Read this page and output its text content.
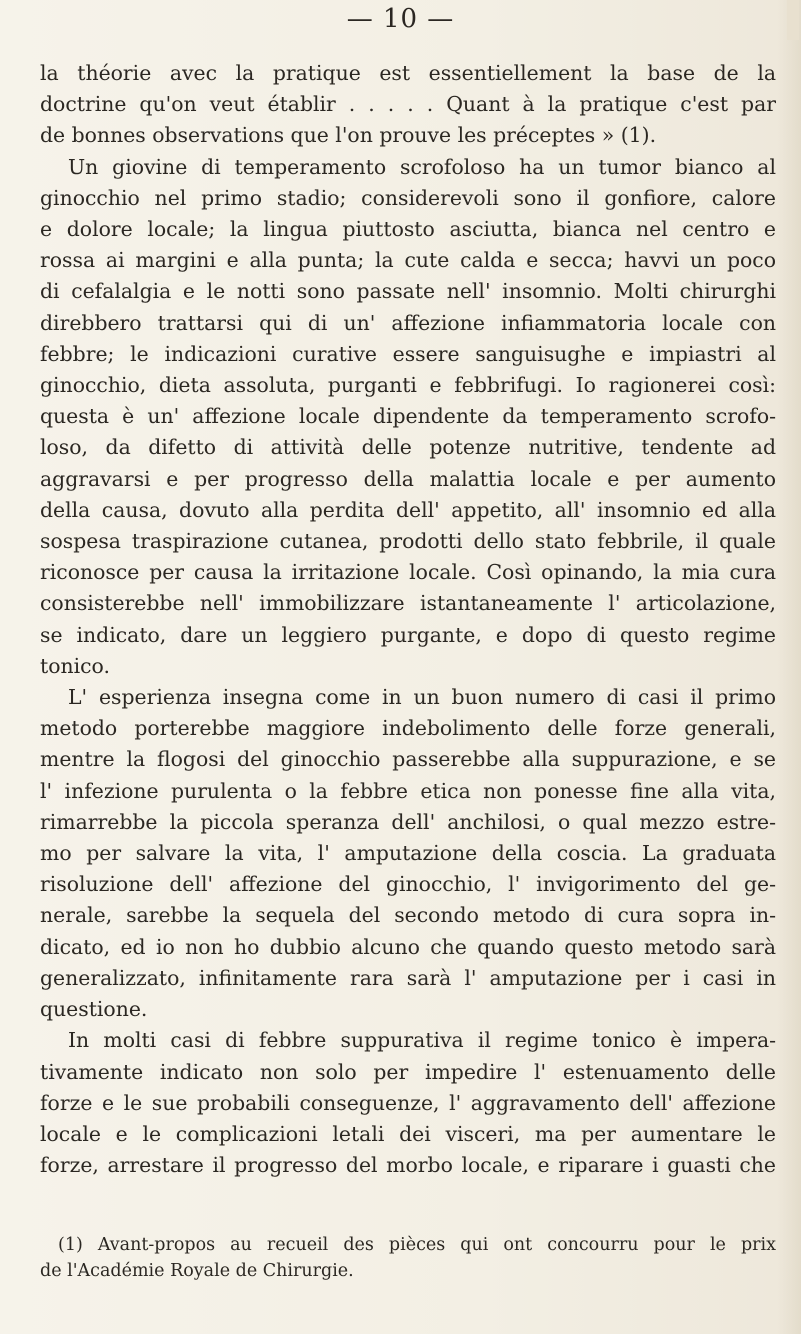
— 10 —
la théorie avec la pratique est essentiellement la base de la
doctrine qu'on veut établir . . . . . Quant à la pratique c'est par
de bonnes observations que l'on prouve les préceptes » (1).
Un giovine di temperamento scrofoloso ha un tumor bianco al
ginocchio nel primo stadio; considerevoli sono il gonfiore, calore
e dolore locale; la lingua piuttosto asciutta, bianca nel centro e
rossa ai margini e alla punta; la cute calda e secca; havvi un poco
di cefalalgia e le notti sono passate nell' insomnio. Molti chirurghi
direbbero trattarsi qui di un' affezione infiammatoria locale con
febbre; le indicazioni curative essere sanguisughe e impiastri al
ginocchio, dieta assoluta, purganti e febbrifugi. Io ragionerei così:
questa è un' affezione locale dipendente da temperamento scrofo-
loso, da difetto di attività delle potenze nutritive, tendente ad
aggravarsi e per progresso della malattia locale e per aumento
della causa, dovuto alla perdita dell' appetito, all' insomnio ed alla
sospesa traspirazione cutanea, prodotti dello stato febbrile, il quale
riconosce per causa la irritazione locale. Così opinando, la mia cura
consisterebbe nell' immobilizzare istantaneamente l' articolazione,
se indicato, dare un leggiero purgante, e dopo di questo regime
tonico.
L' esperienza insegna come in un buon numero di casi il primo
metodo porterebbe maggiore indebolimento delle forze generali,
mentre la flogosi del ginocchio passerebbe alla suppurazione, e se
l' infezione purulenta o la febbre etica non ponesse fine alla vita,
rimarrebbe la piccola speranza dell' anchilosi, o qual mezzo estre-
mo per salvare la vita, l' amputazione della coscia. La graduata
risoluzione dell' affezione del ginocchio, l' invigorimento del ge-
nerale, sarebbe la sequela del secondo metodo di cura sopra in-
dicato, ed io non ho dubbio alcuno che quando questo metodo sarà
generalizzato, infinitamente rara sarà l' amputazione per i casi in
questione.
In molti casi di febbre suppurativa il regime tonico è impera-
tivamente indicato non solo per impedire l' estenuamento delle
forze e le sue probabili conseguenze, l' aggravamento dell' affezione
locale e le complicazioni letali dei visceri, ma per aumentare le
forze, arrestare il progresso del morbo locale, e riparare i guasti che
(1) Avant-propos au recueil des pièces qui ont concourru pour le prix
de l'Académie Royale de Chirurgie.
